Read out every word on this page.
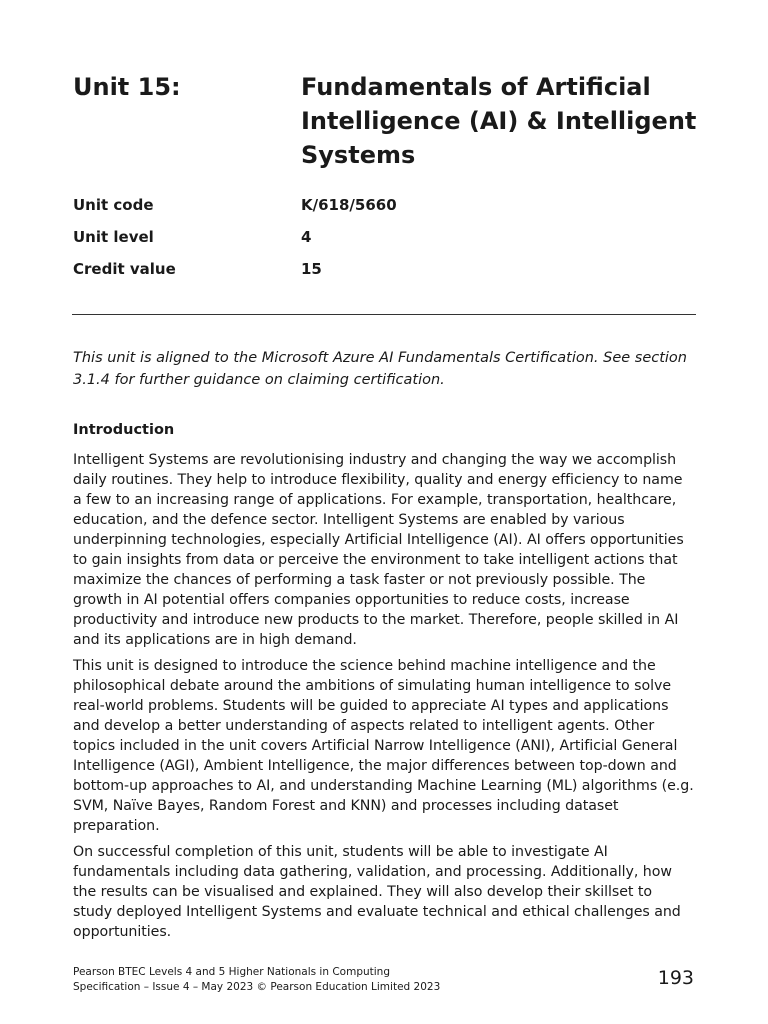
Unit 15:	Fundamentals of Artificial Intelligence (AI) & Intelligent Systems
Unit code	K/618/5660
Unit level	4
Credit value	15

This unit is aligned to the Microsoft Azure AI Fundamentals Certification. See section 3.1.4 for further guidance on claiming certification.

Introduction

Intelligent Systems are revolutionising industry and changing the way we accomplish daily routines. They help to introduce flexibility, quality and energy efficiency to name a few to an increasing range of applications. For example, transportation, healthcare, education, and the defence sector. Intelligent Systems are enabled by various underpinning technologies, especially Artificial Intelligence (AI). AI offers opportunities to gain insights from data or perceive the environment to take intelligent actions that maximize the chances of performing a task faster or not previously possible. The growth in AI potential offers companies opportunities to reduce costs, increase productivity and introduce new products to the market. Therefore, people skilled in AI and its applications are in high demand.

This unit is designed to introduce the science behind machine intelligence and the philosophical debate around the ambitions of simulating human intelligence to solve real-world problems. Students will be guided to appreciate AI types and applications and develop a better understanding of aspects related to intelligent agents. Other topics included in the unit covers Artificial Narrow Intelligence (ANI), Artificial General Intelligence (AGI), Ambient Intelligence, the major differences between top-down and bottom-up approaches to AI, and understanding Machine Learning (ML) algorithms (e.g. SVM, Naïve Bayes, Random Forest and KNN) and processes including dataset preparation.

On successful completion of this unit, students will be able to investigate AI fundamentals including data gathering, validation, and processing. Additionally, how the results can be visualised and explained. They will also develop their skillset to study deployed Intelligent Systems and evaluate technical and ethical challenges and opportunities.

Pearson BTEC Levels 4 and 5 Higher Nationals in Computing
Specification – Issue 4 – May 2023 © Pearson Education Limited 2023	193
